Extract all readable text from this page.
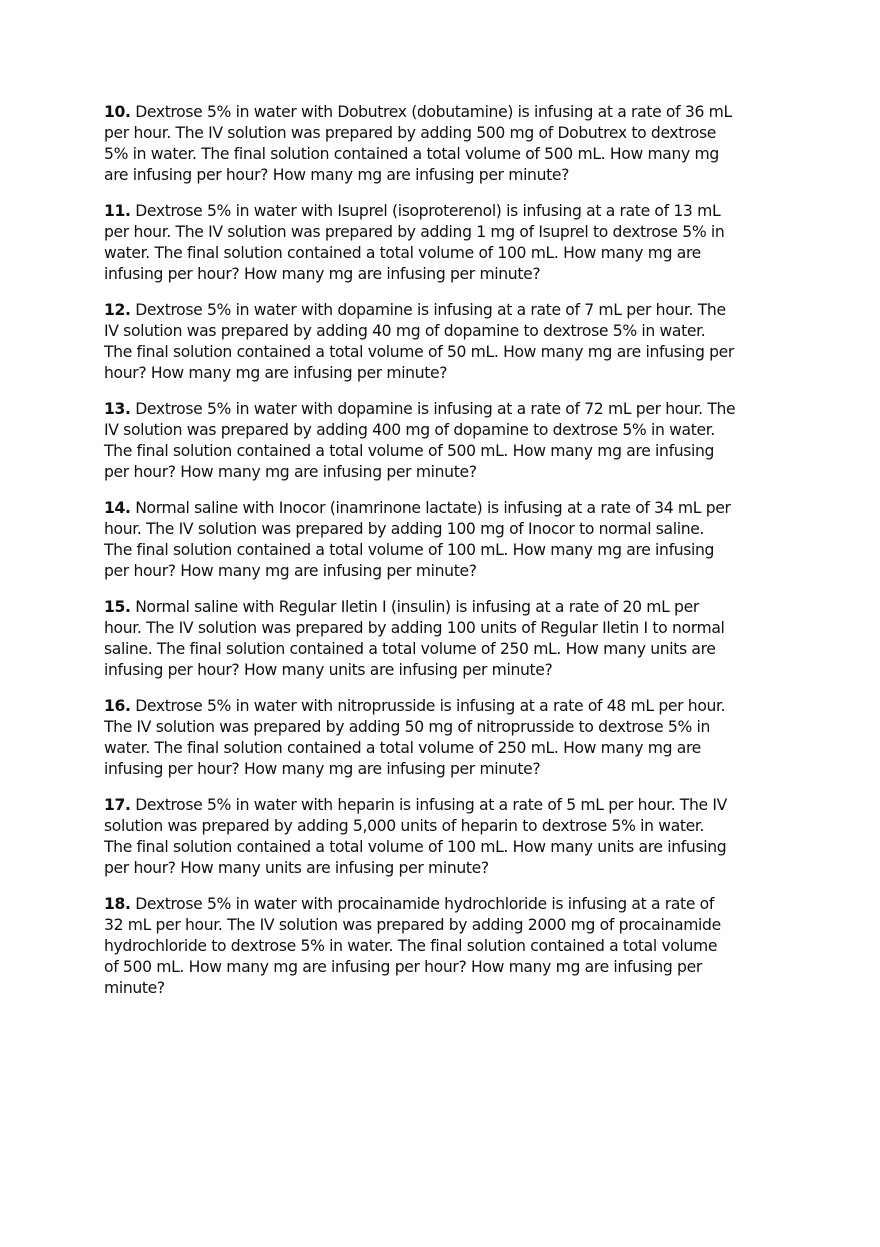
10. Dextrose 5% in water with Dobutrex (dobutamine) is infusing at a rate of 36 mL
per hour. The IV solution was prepared by adding 500 mg of Dobutrex to dextrose
5% in water. The final solution contained a total volume of 500 mL. How many mg
are infusing per hour? How many mg are infusing per minute?
11. Dextrose 5% in water with Isuprel (isoproterenol) is infusing at a rate of 13 mL
per hour. The IV solution was prepared by adding 1 mg of Isuprel to dextrose 5% in
water. The final solution contained a total volume of 100 mL. How many mg are
infusing per hour? How many mg are infusing per minute?
12. Dextrose 5% in water with dopamine is infusing at a rate of 7 mL per hour. The
IV solution was prepared by adding 40 mg of dopamine to dextrose 5% in water.
The final solution contained a total volume of 50 mL. How many mg are infusing per
hour? How many mg are infusing per minute?
13. Dextrose 5% in water with dopamine is infusing at a rate of 72 mL per hour. The
IV solution was prepared by adding 400 mg of dopamine to dextrose 5% in water.
The final solution contained a total volume of 500 mL. How many mg are infusing
per hour? How many mg are infusing per minute?
14. Normal saline with Inocor (inamrinone lactate) is infusing at a rate of 34 mL per
hour. The IV solution was prepared by adding 100 mg of Inocor to normal saline.
The final solution contained a total volume of 100 mL. How many mg are infusing
per hour? How many mg are infusing per minute?
15. Normal saline with Regular Iletin I (insulin) is infusing at a rate of 20 mL per
hour. The IV solution was prepared by adding 100 units of Regular Iletin I to normal
saline. The final solution contained a total volume of 250 mL. How many units are
infusing per hour? How many units are infusing per minute?
16. Dextrose 5% in water with nitroprusside is infusing at a rate of 48 mL per hour.
The IV solution was prepared by adding 50 mg of nitroprusside to dextrose 5% in
water. The final solution contained a total volume of 250 mL. How many mg are
infusing per hour? How many mg are infusing per minute?
17. Dextrose 5% in water with heparin is infusing at a rate of 5 mL per hour. The IV
solution was prepared by adding 5,000 units of heparin to dextrose 5% in water.
The final solution contained a total volume of 100 mL. How many units are infusing
per hour? How many units are infusing per minute?
18. Dextrose 5% in water with procainamide hydrochloride is infusing at a rate of
32 mL per hour. The IV solution was prepared by adding 2000 mg of procainamide
hydrochloride to dextrose 5% in water. The final solution contained a total volume
of 500 mL. How many mg are infusing per hour? How many mg are infusing per
minute?
